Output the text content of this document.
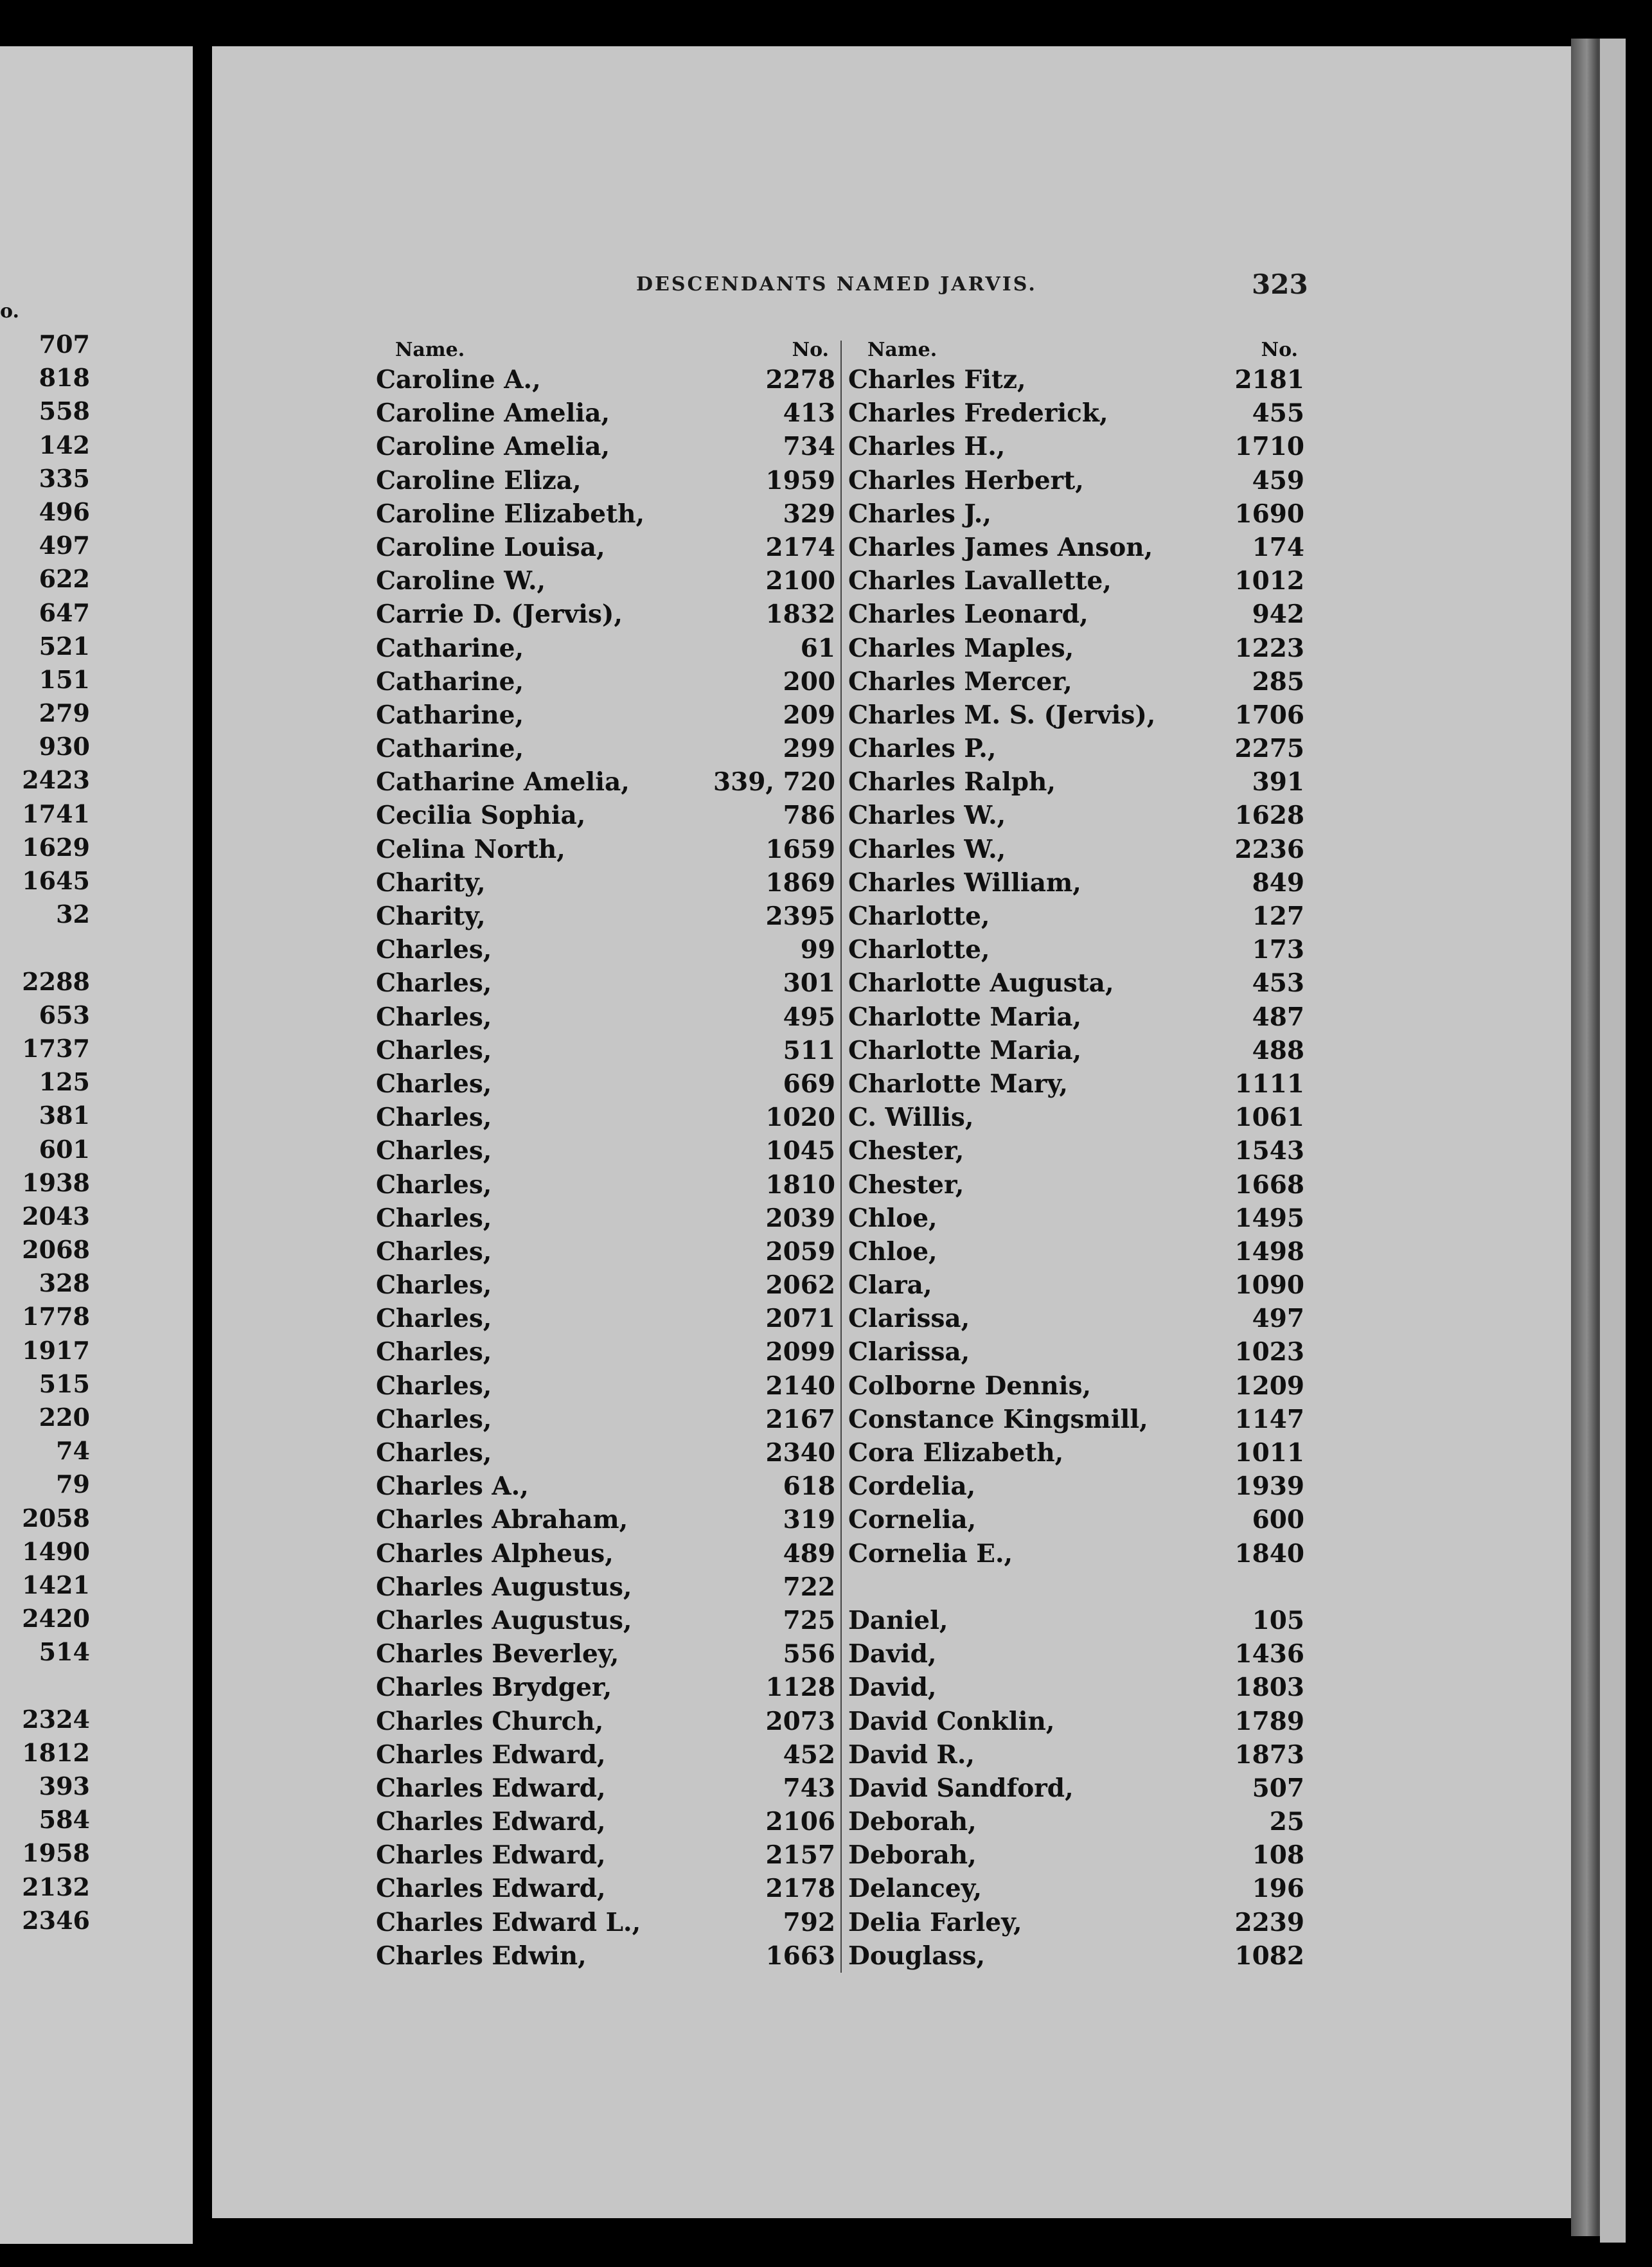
o.
707
818
558
142
335
496
497
622
647
521
151
279
930
2423
1741
1629
1645
32
2288
653
1737
125
381
601
1938
2043
2068
328
1778
1917
515
220
74
79
2058
1490
1421
2420
514
2324
1812
393
584
1958
2132
2346
DESCENDANTS NAMED JARVIS.	323
Name.	No.
Caroline A.,	2278
Caroline Amelia,	413
Caroline Amelia,	734
Caroline Eliza,	1959
Caroline Elizabeth,	329
Caroline Louisa,	2174
Caroline W.,	2100
Carrie D. (Jervis),	1832
Catharine,	61
Catharine,	200
Catharine,	209
Catharine,	299
Catharine Amelia,	339, 720
Cecilia Sophia,	786
Celina North,	1659
Charity,	1869
Charity,	2395
Charles,	99
Charles,	301
Charles,	495
Charles,	511
Charles,	669
Charles,	1020
Charles,	1045
Charles,	1810
Charles,	2039
Charles,	2059
Charles,	2062
Charles,	2071
Charles,	2099
Charles,	2140
Charles,	2167
Charles,	2340
Charles A.,	618
Charles Abraham,	319
Charles Alpheus,	489
Charles Augustus,	722
Charles Augustus,	725
Charles Beverley,	556
Charles Brydger,	1128
Charles Church,	2073
Charles Edward,	452
Charles Edward,	743
Charles Edward,	2106
Charles Edward,	2157
Charles Edward,	2178
Charles Edward L.,	792
Charles Edwin,	1663
Name.	No.
Charles Fitz,	2181
Charles Frederick,	455
Charles H.,	1710
Charles Herbert,	459
Charles J.,	1690
Charles James Anson,	174
Charles Lavallette,	1012
Charles Leonard,	942
Charles Maples,	1223
Charles Mercer,	285
Charles M. S. (Jervis),	1706
Charles P.,	2275
Charles Ralph,	391
Charles W.,	1628
Charles W.,	2236
Charles William,	849
Charlotte,	127
Charlotte,	173
Charlotte Augusta,	453
Charlotte Maria,	487
Charlotte Maria,	488
Charlotte Mary,	1111
C. Willis,	1061
Chester,	1543
Chester,	1668
Chloe,	1495
Chloe,	1498
Clara,	1090
Clarissa,	497
Clarissa,	1023
Colborne Dennis,	1209
Constance Kingsmill,	1147
Cora Elizabeth,	1011
Cordelia,	1939
Cornelia,	600
Cornelia E.,	1840
Daniel,	105
David,	1436
David,	1803
David Conklin,	1789
David R.,	1873
David Sandford,	507
Deborah,	25
Deborah,	108
Delancey,	196
Delia Farley,	2239
Douglass,	1082
